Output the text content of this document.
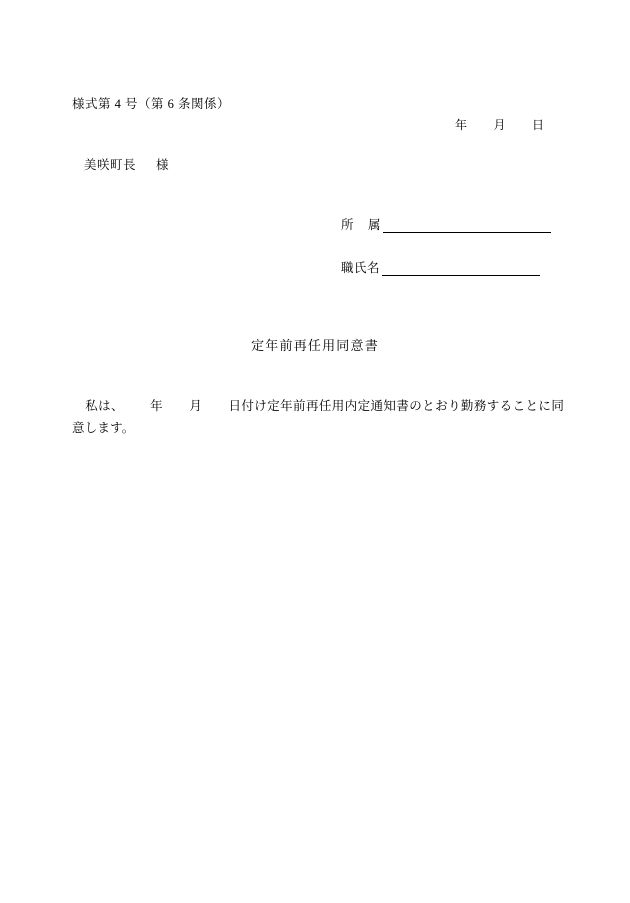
様式第 4 号（第 6 条関係）
年 月 日
美咲町長 様
所 属
職氏名
定年前再任用同意書
私は、 年 月 日付け定年前再任用内定通知書のとおり勤務することに同意します。
